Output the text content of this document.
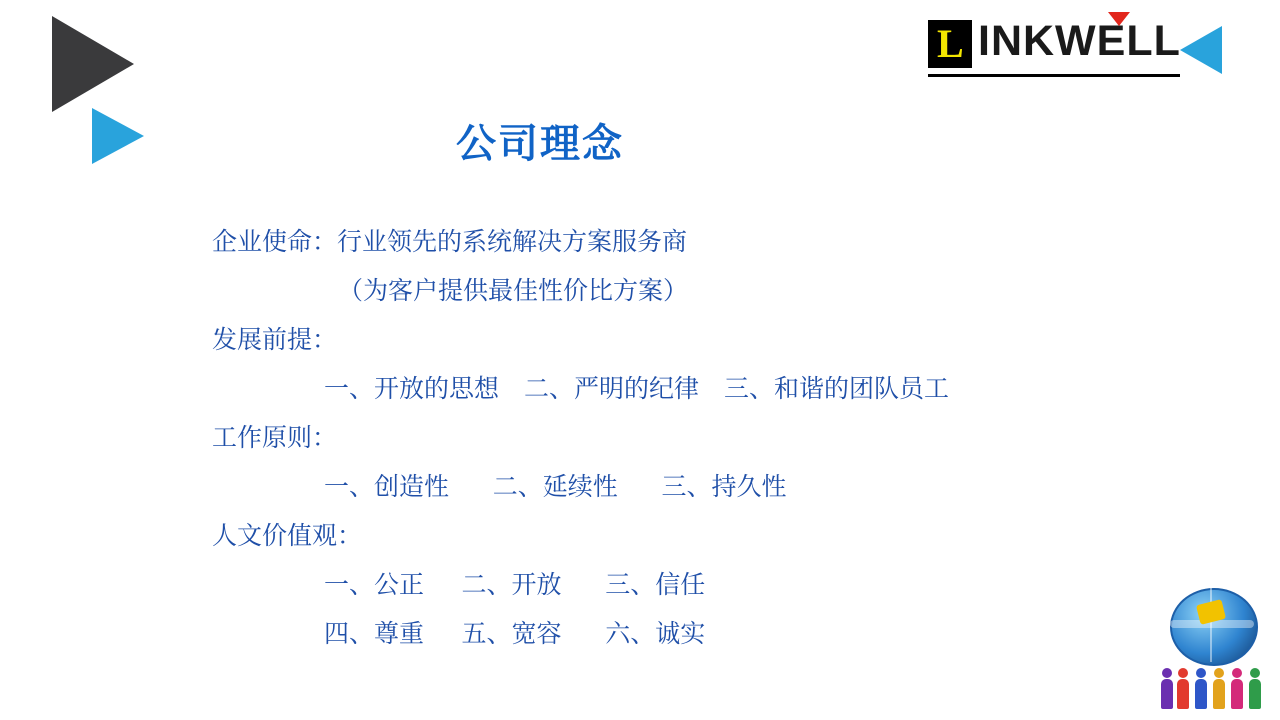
L INKWELL
公司理念
企业使命：行业领先的系统解决方案服务商
（为客户提供最佳性价比方案）
发展前提：
一、开放的思想    二、严明的纪律    三、和谐的团队员工
工作原则：
一、创造性       二、延续性       三、持久性
人文价值观：
一、公正      二、开放       三、信任
四、尊重      五、宽容       六、诚实
